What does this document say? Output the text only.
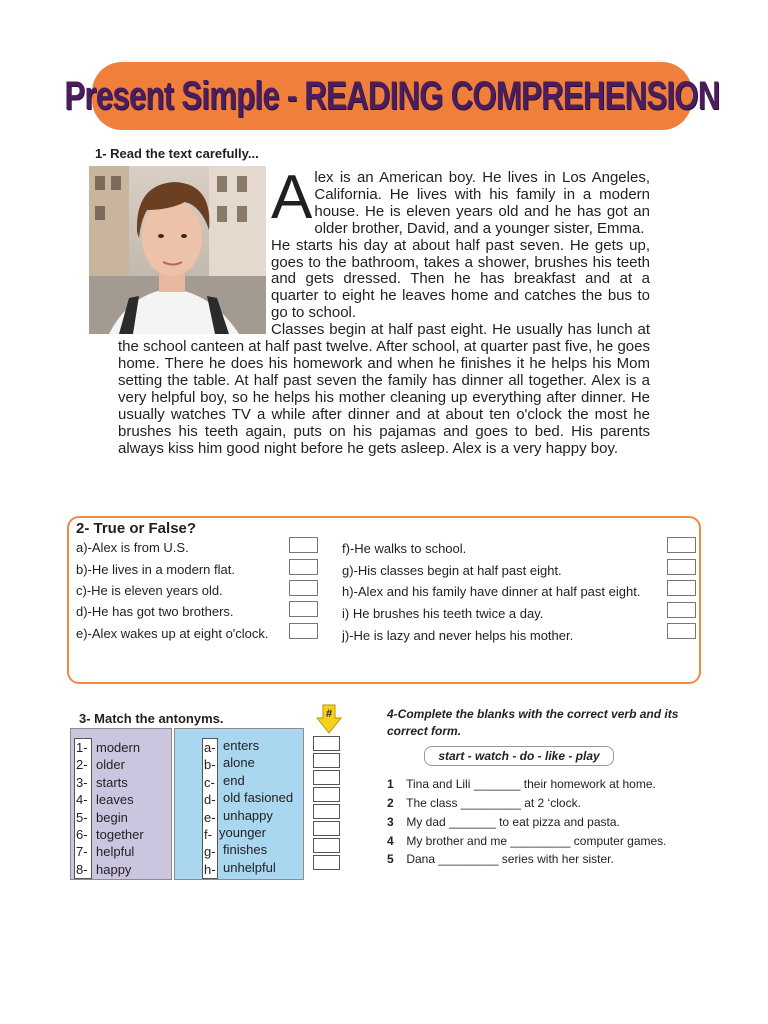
Present Simple - READING COMPREHENSION
1- Read the text carefully...
A lex is an American boy. He lives in Los Angeles, California. He lives with his family in a modern house. He is eleven years old and he has got an older brother, David, and a younger sister, Emma.

He starts his day at about half past seven. He gets up, goes to the bathroom, takes a shower, brushes his teeth and gets dressed. Then he has breakfast and at a quarter to eight he leaves home and catches the bus to go to school.

Classes begin at half past eight. He usually has lunch at the school canteen at half past twelve. After school, at quarter past five, he goes home. There he does his homework and when he finishes it he helps his Mom setting the table. At half past seven the family has dinner all together. Alex is a very helpful boy, so he helps his mother cleaning up everything after dinner. He usually watches TV a while after dinner and at about ten o'clock the most he brushes his teeth again, puts on his pajamas and goes to bed. His parents always kiss him good night before he gets asleep. Alex is a very happy boy.

2- True or False?
a)-Alex is from U.S.
b)-He lives in a modern flat.
c)-He is eleven years old.
d)-He has got two brothers.
e)-Alex wakes up at eight o'clock.
f)-He walks to school.
g)-His classes begin at half past eight.
h)-Alex and his family have dinner at half past eight.
i) He brushes his teeth twice a day.
j)-He is lazy and never helps his mother.
3- Match the antonyms.
1-
2-
3-
4-
5-
6-
7-
8-
modern
older
starts
leaves
begin
together
helpful
happy
a-
b-
c-
d-
e-
f-
g-
h-
enters
alone
end
old fasioned
unhappy
younger
finishes
unhelpful
#	4-Complete the blanks with the correct verb and its correct form.
start - watch - do - like - play
1 Tina and Lili _______ their homework at home.
2 The class _________ at 2 ‘clock.
3 My dad _______ to eat pizza and pasta.
4 My brother and me _________ computer games.
5 Dana _________ series with her sister.
